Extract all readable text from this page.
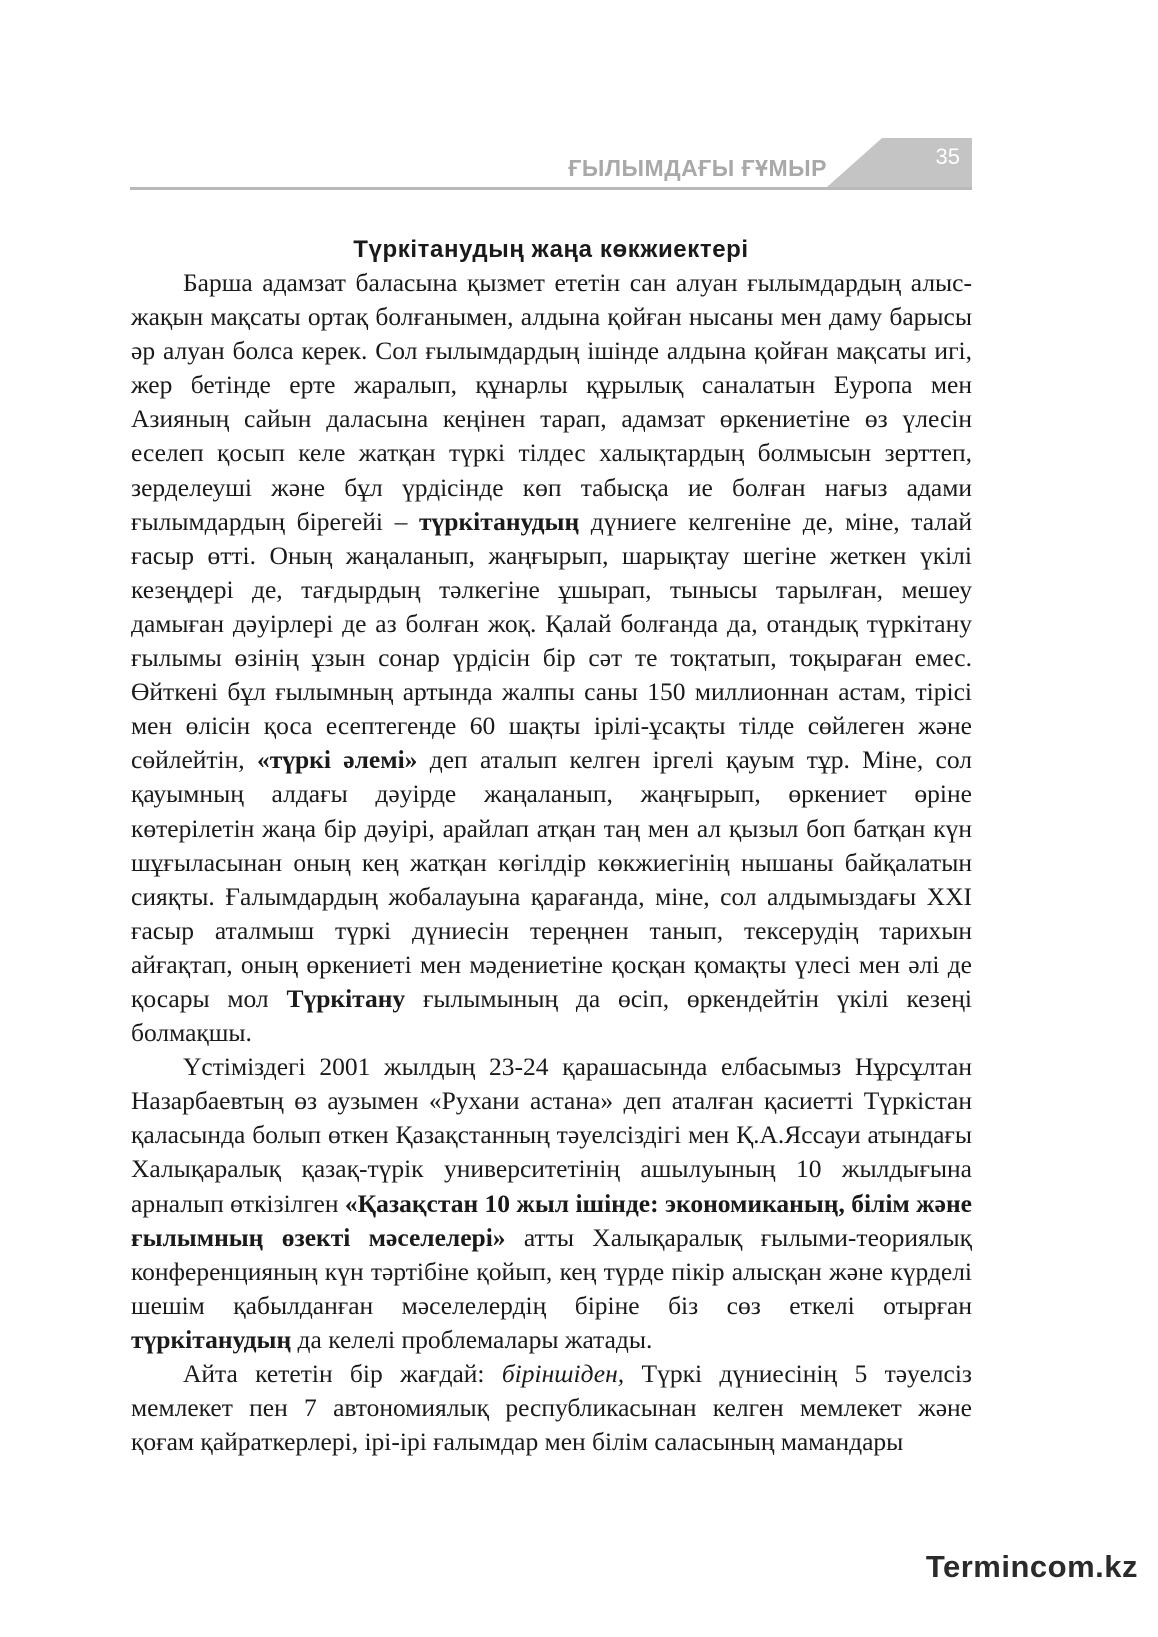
ҒЫЛЫМДАҒЫ ҒҰМЫР	35
Түркітанудың жаңа көкжиектері

Барша адамзат баласына қызмет ететін сан алуан ғылымдардың алыс-жақын мақсаты ортақ болғанымен, алдына қойған нысаны мен даму барысы әр алуан болса керек. Сол ғылымдардың ішінде алдына қойған мақсаты игі, жер бетінде ерте жаралып, құнарлы құрылық саналатын Еуропа мен Азияның сайын даласына кеңінен тарап, адамзат өркениетіне өз үлесін еселеп қосып келе жатқан түркі тілдес халықтардың болмысын зерттеп, зерделеуші және бұл үрдісінде көп табысқа ие болған нағыз адами ғылымдардың бірегейі – түркітанудың дүниеге келгеніне де, міне, талай ғасыр өтті. Оның жаңаланып, жаңғырып, шарықтау шегіне жеткен үкілі кезеңдері де, тағдырдың тәлкегіне ұшырап, тынысы тарылған, мешеу дамыған дәуірлері де аз болған жоқ. Қалай болғанда да, отандық түркітану ғылымы өзінің ұзын сонар үрдісін бір сәт те тоқтатып, тоқыраған емес. Өйткені бұл ғылымның артында жалпы саны 150 миллионнан астам, тірісі мен өлісін қоса есептегенде 60 шақты ірілі-ұсақты тілде сөйлеген және сөйлейтін, «түркі әлемі» деп аталып келген іргелі қауым тұр. Міне, сол қауымның алдағы дәуірде жаңаланып, жаңғырып, өркениет өріне көтерілетін жаңа бір дәуірі, арайлап атқан таң мен ал қызыл боп батқан күн шұғыласынан оның кең жатқан көгілдір көкжиегінің нышаны байқалатын сияқты. Ғалымдардың жобалауына қарағанда, міне, сол алдымыздағы XXI ғасыр аталмыш түркі дүниесін тереңнен танып, тексерудің тарихын айғақтап, оның өркениеті мен мәдениетіне қосқан қомақты үлесі мен әлі де қосары мол Түркітану ғылымының да өсіп, өркендейтін үкілі кезеңі болмақшы.

Үстіміздегі 2001 жылдың 23-24 қарашасында елбасымыз Нұрсұлтан Назарбаевтың өз аузымен «Рухани астана» деп аталған қасиетті Түркістан қаласында болып өткен Қазақстанның тәуелсіздігі мен Қ.А.Яссауи атындағы Халықаралық қазақ-түрік университетінің ашылуының 10 жылдығына арналып өткізілген «Қазақстан 10 жыл ішінде: экономиканың, білім және ғылымның өзекті мәселелері» атты Халықаралық ғылыми-теориялық конференцияның күн тәртібіне қойып, кең түрде пікір алысқан және күрделі шешім қабылданған мәселелердің біріне біз сөз еткелі отырған түркітанудың да келелі проблемалары жатады.

Айта кететін бір жағдай: біріншіден, Түркі дүниесінің 5 тәуелсіз мемлекет пен 7 автономиялық республикасынан келген мемлекет және қоғам қайраткерлері, ірі-ірі ғалымдар мен білім саласының мамандары

Termincom.kz
